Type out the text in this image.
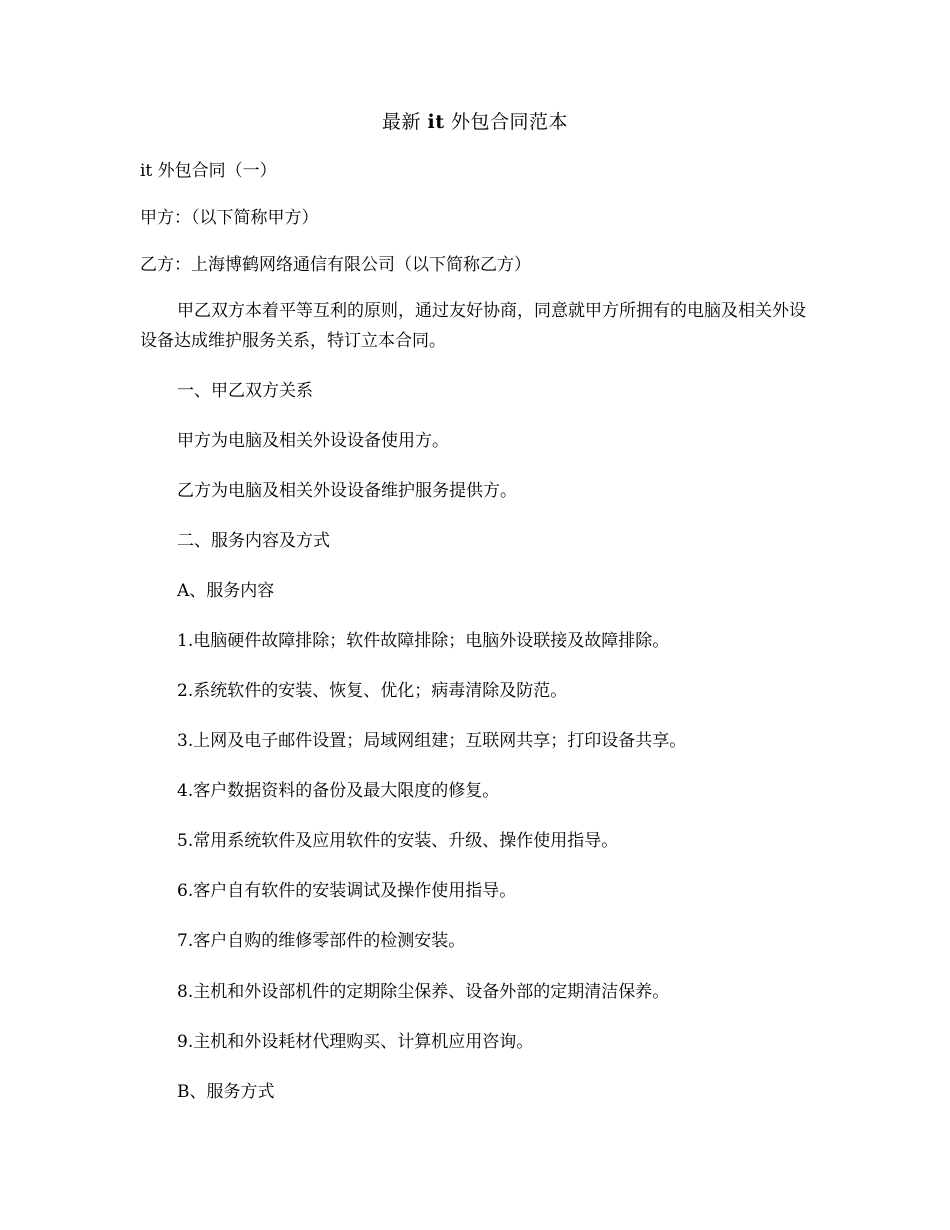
最新 it 外包合同范本
it 外包合同（一）
甲方：（以下简称甲方）
乙方：上海博鹤网络通信有限公司（以下简称乙方）
甲乙双方本着平等互利的原则，通过友好协商，同意就甲方所拥有的电脑及相关外设设备达成维护服务关系，特订立本合同。
一、甲乙双方关系
甲方为电脑及相关外设设备使用方。
乙方为电脑及相关外设设备维护服务提供方。
二、服务内容及方式
A、服务内容
1.电脑硬件故障排除；软件故障排除；电脑外设联接及故障排除。
2.系统软件的安装、恢复、优化；病毒清除及防范。
3.上网及电子邮件设置；局域网组建；互联网共享；打印设备共享。
4.客户数据资料的备份及最大限度的修复。
5.常用系统软件及应用软件的安装、升级、操作使用指导。
6.客户自有软件的安装调试及操作使用指导。
7.客户自购的维修零部件的检测安装。
8.主机和外设部机件的定期除尘保养、设备外部的定期清洁保养。
9.主机和外设耗材代理购买、计算机应用咨询。
B、服务方式
